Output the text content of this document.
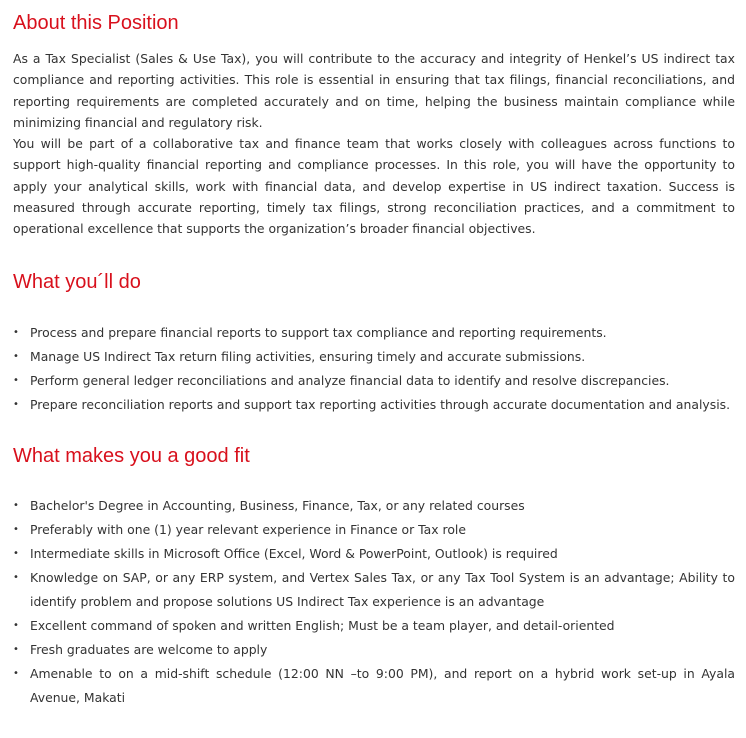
About this Position

As a Tax Specialist (Sales & Use Tax), you will contribute to the accuracy and integrity of Henkel’s US indirect tax compliance and reporting activities. This role is essential in ensuring that tax filings, financial reconciliations, and reporting requirements are completed accurately and on time, helping the business maintain compliance while minimizing financial and regulatory risk.

You will be part of a collaborative tax and finance team that works closely with colleagues across functions to support high-quality financial reporting and compliance processes. In this role, you will have the opportunity to apply your analytical skills, work with financial data, and develop expertise in US indirect taxation. Success is measured through accurate reporting, timely tax filings, strong reconciliation practices, and a commitment to operational excellence that supports the organization’s broader financial objectives.

What you´ll do
• Process and prepare financial reports to support tax compliance and reporting requirements.
• Manage US Indirect Tax return filing activities, ensuring timely and accurate submissions.
• Perform general ledger reconciliations and analyze financial data to identify and resolve discrepancies.
• Prepare reconciliation reports and support tax reporting activities through accurate documentation and analysis.
What makes you a good fit
• Bachelor's Degree in Accounting, Business, Finance, Tax, or any related courses
• Preferably with one (1) year relevant experience in Finance or Tax role
• Intermediate skills in Microsoft Office (Excel, Word & PowerPoint, Outlook) is required
• Knowledge on SAP, or any ERP system, and Vertex Sales Tax, or any Tax Tool System is an advantage; Ability to identify problem and propose solutions US Indirect Tax experience is an advantage
• Excellent command of spoken and written English; Must be a team player, and detail-oriented
• Fresh graduates are welcome to apply
• Amenable to on a mid-shift schedule (12:00 NN –to 9:00 PM), and report on a hybrid work set-up in Ayala Avenue, Makati
